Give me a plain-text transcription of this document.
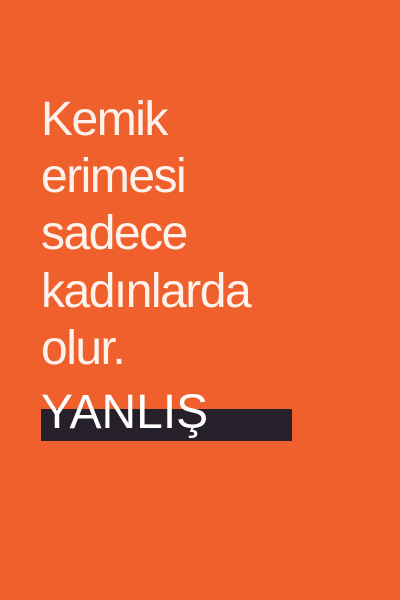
Kemik
erimesi
sadece
kadınlarda
olur.
YANLIŞ
